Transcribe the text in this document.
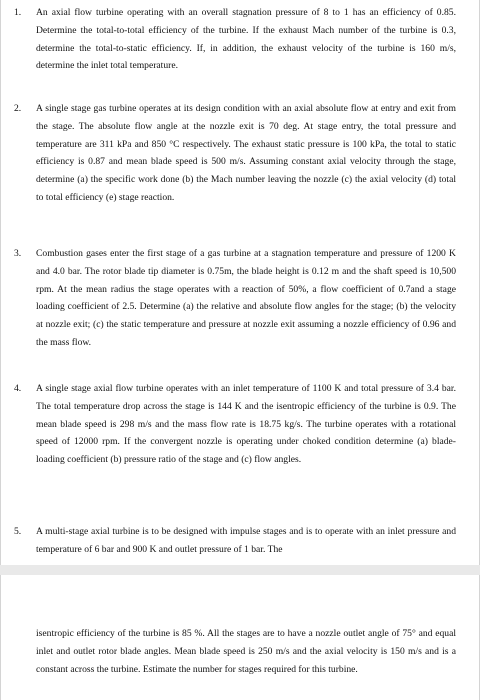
1. An axial flow turbine operating with an overall stagnation pressure of 8 to 1 has an efficiency of 0.85. Determine the total-to-total efficiency of the turbine. If the exhaust Mach number of the turbine is 0.3, determine the total-to-static efficiency. If, in addition, the exhaust velocity of the turbine is 160 m/s, determine the inlet total temperature.

2. A single stage gas turbine operates at its design condition with an axial absolute flow at entry and exit from the stage. The absolute flow angle at the nozzle exit is 70 deg. At stage entry, the total pressure and temperature are 311 kPa and 850 °C respectively. The exhaust static pressure is 100 kPa, the total to static efficiency is 0.87 and mean blade speed is 500 m/s. Assuming constant axial velocity through the stage, determine (a) the specific work done (b) the Mach number leaving the nozzle (c) the axial velocity (d) total to total efficiency (e) stage reaction.

3. Combustion gases enter the first stage of a gas turbine at a stagnation temperature and pressure of 1200 K and 4.0 bar. The rotor blade tip diameter is 0.75m, the blade height is 0.12 m and the shaft speed is 10,500 rpm. At the mean radius the stage operates with a reaction of 50%, a flow coefficient of 0.7and a stage loading coefficient of 2.5. Determine (a) the relative and absolute flow angles for the stage; (b) the velocity at nozzle exit; (c) the static temperature and pressure at nozzle exit assuming a nozzle efficiency of 0.96 and the mass flow.

4. A single stage axial flow turbine operates with an inlet temperature of 1100 K and total pressure of 3.4 bar. The total temperature drop across the stage is 144 K and the isentropic efficiency of the turbine is 0.9. The mean blade speed is 298 m/s and the mass flow rate is 18.75 kg/s. The turbine operates with a rotational speed of 12000 rpm. If the convergent nozzle is operating under choked condition determine (a) blade-loading coefficient (b) pressure ratio of the stage and (c) flow angles.

5. A multi-stage axial turbine is to be designed with impulse stages and is to operate with an inlet pressure and temperature of 6 bar and 900 K and outlet pressure of 1 bar. The

isentropic efficiency of the turbine is 85 %. All the stages are to have a nozzle outlet angle of 75° and equal inlet and outlet rotor blade angles. Mean blade speed is 250 m/s and the axial velocity is 150 m/s and is a constant across the turbine. Estimate the number for stages required for this turbine.
